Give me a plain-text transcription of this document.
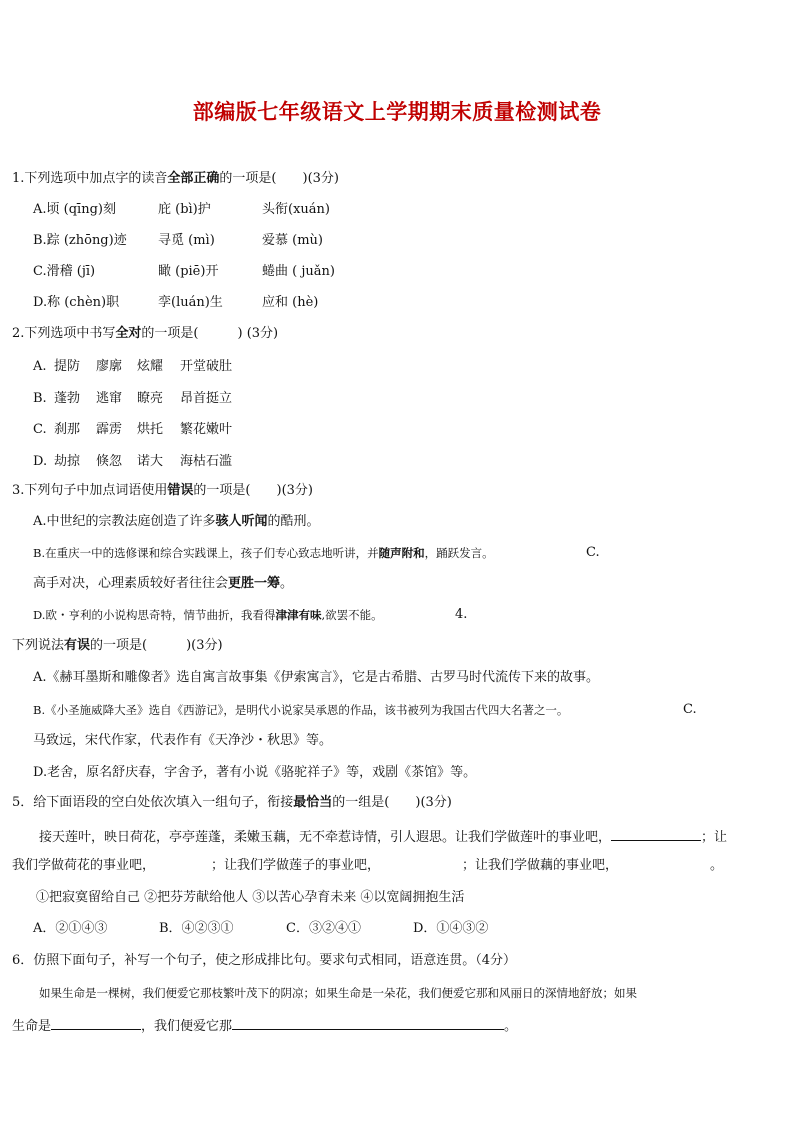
部编版七年级语文上学期期末质量检测试卷
1.下列选项中加点字的读音全部正确的一项是(　　)(3分)
A.顷 (qīng)刻	庇 (bì)护	头衔(xuán)
B.踪 (zhōng)迹 寻觅 (mì)	爱慕 (mù)
C.滑稽 (jī)	瞰 (piē)开	蜷曲 ( juǎn)
D.称 (chèn)职	孪(luán)生	应和 (hè)
2.下列选项中书写全对的一项是(　　　) (3分)
A. 提防 廖廓 炫耀 开堂破肚
B. 蓬勃 逃窜 瞭亮 昂首挺立
C. 刹那 霹雳 烘托 繁花嫩叶
D. 劫掠 倏忽 诺大 海枯石滥
3.下列句子中加点词语使用错误的一项是(　　)(3分)
A.中世纪的宗教法庭创造了许多骇人听闻的酷刑。
B.在重庆一中的选修课和综合实践课上，孩子们专心致志地听讲，并随声附和，踊跃发言。	C.
高手对决，心理素质较好者往往会更胜一筹。
D.欧・亨利的小说构思奇特，情节曲折，我看得津津有味,欲罢不能。	4.
下列说法有误的一项是(　　　)(3分)
A.《赫耳墨斯和雕像者》选自寓言故事集《伊索寓言》，它是古希腊、古罗马时代流传下来的故事。
B.《小圣施威降大圣》选自《西游记》，是明代小说家吴承恩的作品，该书被列为我国古代四大名著之一。	C.
马致远，宋代作家，代表作有《天净沙・秋思》等。
D.老舍，原名舒庆春，字舍予，著有小说《骆驼祥子》等，戏剧《茶馆》等。
5．给下面语段的空白处依次填入一组句子，衔接最恰当的一组是(　　)(3分)
接天莲叶，映日荷花，亭亭莲蓬，柔嫩玉藕，无不牵惹诗情，引人遐思。让我们学做莲叶的事业吧，	；让
我们学做荷花的事业吧，	；让我们学做莲子的事业吧，	；让我们学做藕的事业吧，	。
①把寂寞留给自己 ②把芬芳献给他人 ③以苦心孕育未来 ④以宽阔拥抱生活
A．②①④③	B．④②③①	C．③②④①	D．①④③②
6．仿照下面句子，补写一个句子，使之形成排比句。要求句式相同，语意连贯。（4分）
如果生命是一棵树，我们便爱它那枝繁叶茂下的阴凉；如果生命是一朵花，我们便爱它那和风丽日的深情地舒放；如果
生命是	，我们便爱它那	。
